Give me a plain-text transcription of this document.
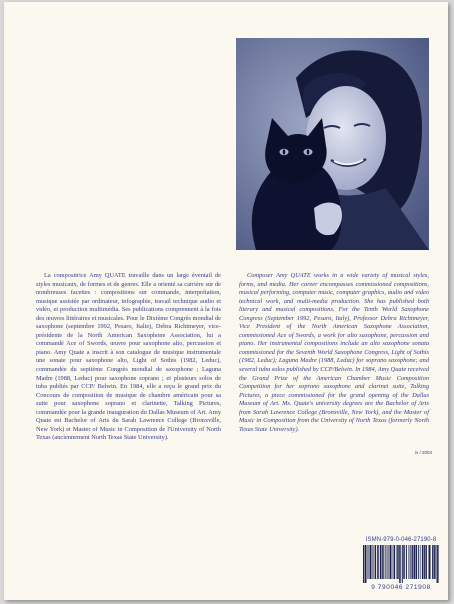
La compositrice Amy QUATE travaille dans un large éventail de styles musicaux, de formes et de genres. Elle a orienté sa carrière sur de nombreuses facettes : compositions sur commande, interprétation, musique assistée par ordinateur, infographie, travail technique audio et vidéo, et production multimédia. Ses publications comprennent à la fois des œuvres littéraires et musicales. Pour le Dixième Congrès mondial de saxophone (septembre 1992, Pesaro, Italie), Debra Richtmeyer, vice-présidente de la North American Saxophone Association, lui a commandé Ace of Swords, œuvre pour saxophone alto, percussion et piano. Amy Quate a inscrit à son catalogue de musique instrumentale une sonate pour saxophone alto, Light of Sothis (1982, Leduc), commandée du septième Congrès mondial de saxophone ; Laguna Madre (1988, Leduc) pour saxophone soprano ; et plusieurs solos de tuba publiés par CCP/ Belwin. En 1984, elle a reçu le grand prix du Concours de composition de musique de chambre américain pour sa suite pour saxophone soprano et clarinette, Talking Pictures, commandée pour la grande inauguration du Dallas Museum of Art. Amy Quate est Bachelor of Arts du Sarah Lawrence College (Bronxville, New York) et Master of Music in Composition de l'University of North Texas (anciennement North Texas State University).

Composer Amy QUATE works in a wide variety of musical styles, forms, and media. Her career encompasses commissioned compositions, musical performing, computer music, computer graphics, audio and video technical work, and multi-media production. She has published both literary and musical compositions. For the Tenth World Saxophone Congress (September 1992, Pesaro, Italy), Professor Debra Richtmeyer, Vice President of the North American Saxophone Association, commissioned Ace of Swords, a work for alto saxophone, percussion and piano. Her instrumental compositions include an alto saxophone sonata commissioned for the Seventh World Saxophone Congress, Light of Sothis (1982, Leduc); Laguna Madre (1988, Leduc) for soprano saxophone; and several tuba solos published by CCP/Belwin. In 1984, Amy Quate received the Grand Prize of the American Chamber Music Composition Competition for her soprano saxophone and clarinet suite, Talking Pictures, a piece commissioned for the grand opening of the Dallas Museum of Art. Ms. Quate's university degrees are the Bachelor of Arts from Sarah Lawrence College (Bronxville, New York), and the Master of Music in Composition from the University of North Texas (formerly North Texas State University).

iv / 2004
ISMN-979-0-046-27190-8
9 790046 271908
